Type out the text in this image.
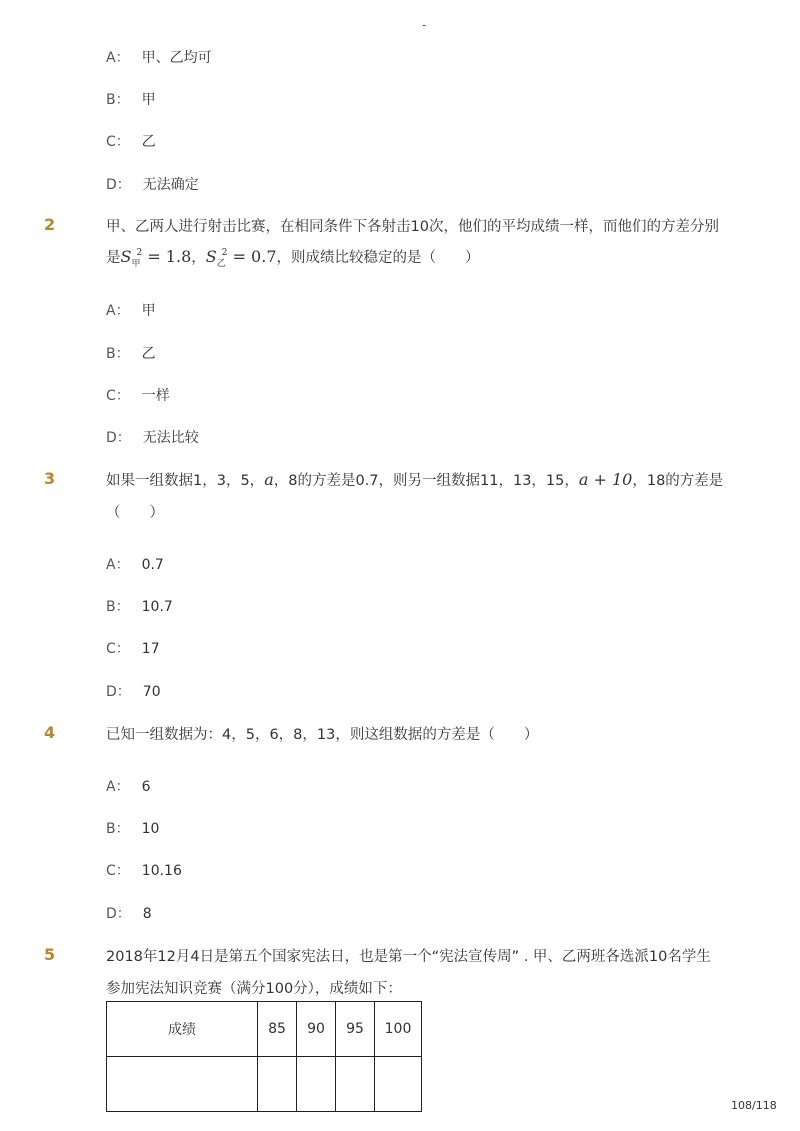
-
A： 甲、乙均可
B： 甲
C： 乙
D： 无法确定
2	甲、乙两人进行射击比赛，在相同条件下各射击10次，他们的平均成绩一样，而他们的方差分别
是$S_甲^2 = 1.8$，$S_乙^2 = 0.7$，则成绩比较稳定的是（　　）
A： 甲
B： 乙
C： 一样
D： 无法比较
3	如果一组数据1，3，5，a，8的方差是0.7，则另一组数据11，13，15，a + 10，18的方差是
（　　）
A： 0.7
B： 10.7
C： 17
D： 70
4	已知一组数据为：4，5，6，8，13，则这组数据的方差是（　　）
A： 6
B： 10
C： 10.16
D： 8
5	2018年12月4日是第五个国家宪法日，也是第一个“宪法宣传周” . 甲、乙两班各选派10名学生
参加宪法知识竞赛（满分100分），成绩如下：
成绩	85	90	95	100

108/118
